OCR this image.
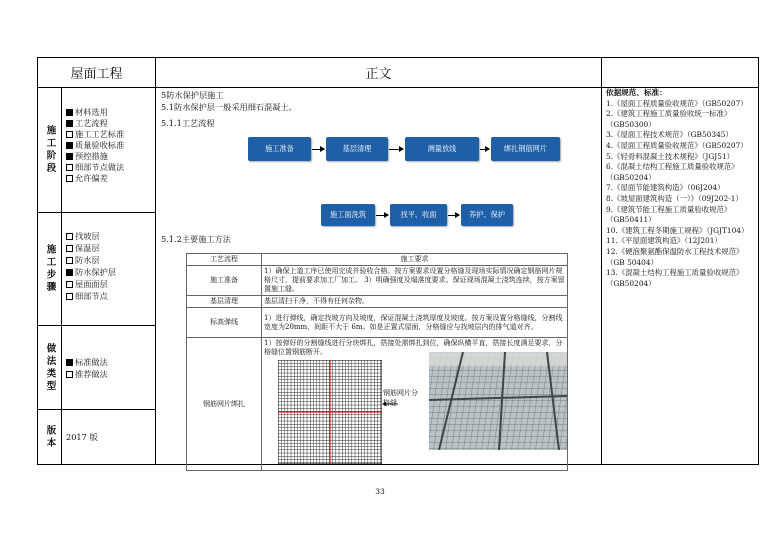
屋面工程	正文
施工阶段
材料选用
工艺流程
施工工艺标准
质量验收标准
预控措施
细部节点做法
允许偏差
施工步骤
找坡层
保温层
防水层
防水保护层
屋面面层
细部节点
做法类型 标准做法
推荐做法
版本 2017 版
5防水保护层施工
5.1防水保护层一般采用细石混凝土。
5.1.1工艺流程
施工准备	基层清理	测量放线	绑扎钢筋网片
施工面洗筑	找平、收面	养护、保护
5.1.2主要施工方法
工艺流程	施工要求
施工准备	1）确保上道工序已使用完成并验收合格。按方案要求设置分格缝及现场实际情况确定钢筋网片规格尺寸，提前要求加工厂加工。 3）明确强度及塌落度要求。保证现场混凝土浇筑连续，按方案留置施工缝。
基层清理	基层清扫干净，不得有任何杂物。
标高弹线	1）进行弹线，确定找坡方向及坡度，保证混凝土浇筑厚度及坡度。按方案设置分格缝线，分割线宽度为20mm，间距不大于 6m。如是正置式屋面，分格缝应与找坡层内的排气道对齐。
钢筋网片绑扎	1）按弹好的分割缝线进行分块绑扎，搭接处需绑扎到位，确保纵横平直，搭接长度满足要求，分格缝位置钢筋断开。
钢筋网片分格缝
依据规范、标准：
1.《屋面工程质量验收规范》（GB50207）
2.《建筑工程施工质量验收统一标准》（GB50300）
3.《屋面工程技术规范》（GB50345）
4.《屋面工程质量验收规范》（GB50207）
5.《轻骨料混凝土技术规程》（JGJ51）
6.《混凝土结构工程施工质量验收规范》（GB50204）
7.《屋面节能建筑构造》（06J204）
8.《坡屋面建筑构造（一）》（09J202-1）
9.《建筑节能工程施工质量验收规范》（GB50411）
10.《建筑工程冬期施工规程》（JGJT104）
11.《平屋面建筑构造》（12J201）
12.《硬泡聚氨酯保温防水工程技术规范》（GB 50404）
13.《混凝土结构工程施工质量验收规范》（GB50204）
33
